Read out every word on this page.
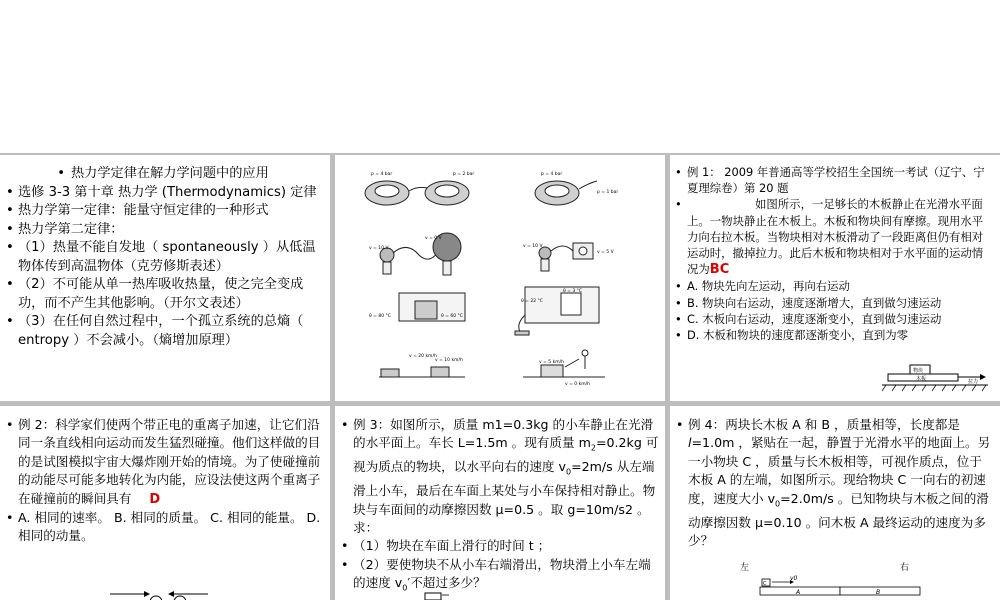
• 热力学定律在解力学问题中的应用
• 选修 3-3 第十章 热力学 (Thermodynamics) 定律
• 热力学第一定律：能量守恒定律的一种形式
• 热力学第二定律：
• （1）热量不能自发地（ spontaneously ）从低温物体传到高温物体（克劳修斯表述）
• （2）不可能从单一热库吸收热量，使之完全变成功，而不产生其他影响。（开尔文表述）
• （3）在任何自然过程中，一个孤立系统的总熵（ entropy ）不会减小。（熵增加原理）
p = 4 bar	p = 2 bar	p = 4 bar
p = 1 bar
v = 10 V
v = 0 V
v = 10 V
v = 5 V
θ = 80 °C	θ = 60 °C
θ = 22 °C
θ = 3 °C
v = 20 km/h
v = 10 km/h	v = 5 km/h
v = 0 km/h
• 例 1： 2009 年普通高等学校招生全国统一考试（辽宁、宁夏理综卷）第 20 题
• 如图所示，一足够长的木板静止在光滑水平面上。一物块静止在木板上。木板和物块间有摩擦。现用水平力向右拉木板。当物块相对木板滑动了一段距离但仍有相对运动时，撤掉拉力。此后木板和物块相对于水平面的运动情况为BC
• A. 物块先向左运动，再向右运动
• B. 物块向右运动，速度逐渐增大，直到做匀速运动
• C. 木板向右运动，速度逐渐变小，直到做匀速运动
• D. 木板和物块的速度都逐渐变小，直到为零
物块
木板	拉力
• 例 2：科学家们使两个带正电的重离子加速，让它们沿同一条直线相向运动而发生猛烈碰撞。他们这样做的目的是试图模拟宇宙大爆炸刚开始的情境。为了使碰撞前的动能尽可能多地转化为内能，应设法使这两个重离子在碰撞前的瞬间具有 D
• A. 相同的速率。 B. 相同的质量。 C. 相同的能量。 D. 相同的动量。
• 例 3：如图所示，质量 m1=0.3kg 的小车静止在光滑的水平面上。车长 L=1.5m 。现有质量 $m_2=0.2kg$ 可视为质点的物块，以水平向右的速度 $v_0=2m/s$ 从左端滑上小车，最后在车面上某处与小车保持相对静止。物块与车面间的动摩擦因数 μ=0.5 。取 g=10m/s2 。求：
• （1）物块在车面上滑行的时间 t ；
• （2）要使物块不从小车右端滑出，物块滑上小车左端的速度 $v_0'$不超过多少？
• 例 4：两块长木板 A 和 B ，质量相等，长度都是 l=1.0m ，紧贴在一起，静置于光滑水平的地面上。另一小物块 C ，质量与长木板相等，可视作质点，位于木板 A 的左端，如图所示。现给物块 C 一向右的初速度，速度大小 $v_0=2.0m/s$ 。已知物块与木板之间的滑动摩擦因数 μ=0.10 。问木板 A 最终运动的速度为多少？
左	右
C
v0
A	B
